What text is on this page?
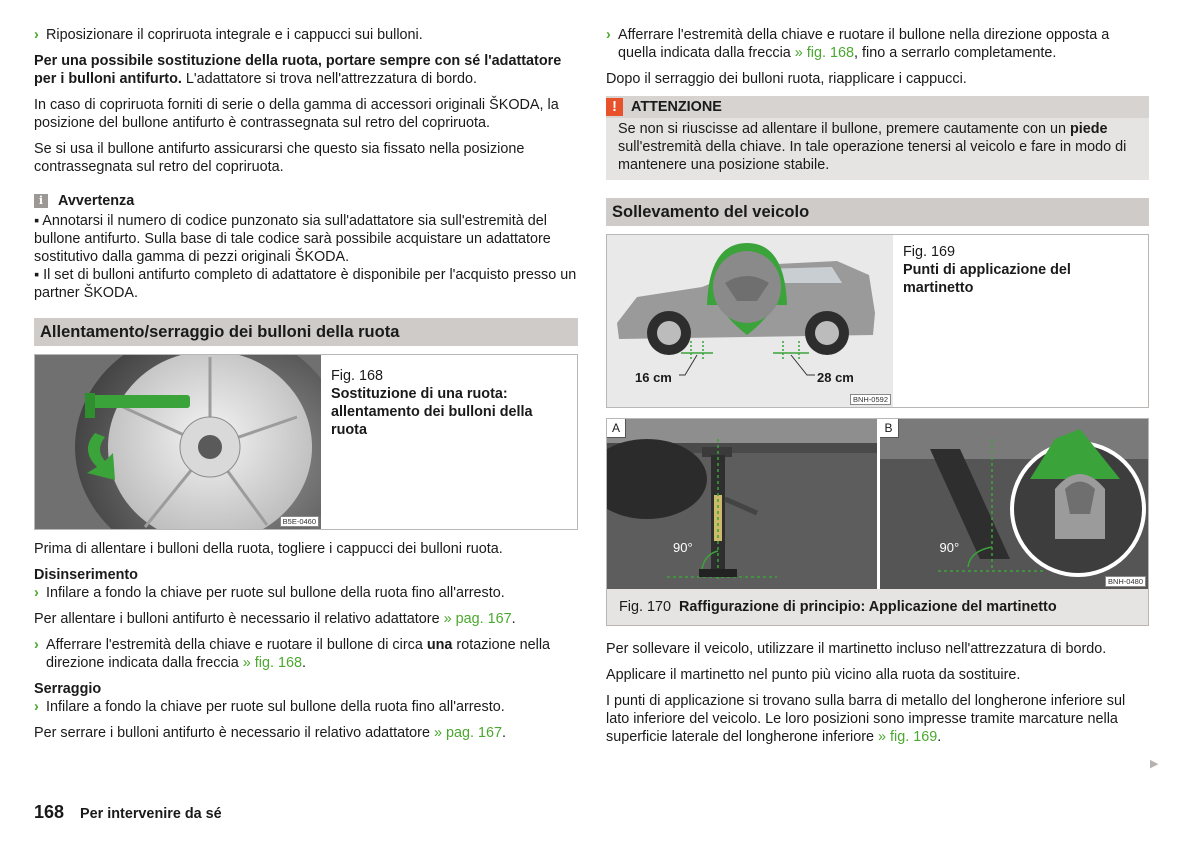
› Riposizionare il copriruota integrale e i cappucci sui bulloni.

Per una possibile sostituzione della ruota, portare sempre con sé l'adattatore per i bulloni antifurto. L'adattatore si trova nell'attrezzatura di bordo.

In caso di copriruota forniti di serie o della gamma di accessori originali ŠKODA, la posizione del bullone antifurto è contrassegnata sul retro del copriruota.

Se si usa il bullone antifurto assicurarsi che questo sia fissato nella posizione contrassegnata sul retro del copriruota.

i	Avvertenza

▪ Annotarsi il numero di codice punzonato sia sull'adattatore sia sull'estremità del bullone antifurto. Sulla base di tale codice sarà possibile acquistare un adattatore sostitutivo dalla gamma di pezzi originali ŠKODA.

▪ Il set di bulloni antifurto completo di adattatore è disponibile per l'acquisto presso un partner ŠKODA.

Allentamento/serraggio dei bulloni della ruota
B5E-0460
Fig. 168
Sostituzione di una ruota: allentamento dei bulloni della ruota

Prima di allentare i bulloni della ruota, togliere i cappucci dei bulloni ruota.

Disinserimento
› Infilare a fondo la chiave per ruote sul bullone della ruota fino all'arresto.

Per allentare i bulloni antifurto è necessario il relativo adattatore » pag. 167.

› Afferrare l'estremità della chiave e ruotare il bullone di circa una rotazione nella direzione indicata dalla freccia » fig. 168.
Serraggio
› Infilare a fondo la chiave per ruote sul bullone della ruota fino all'arresto.

Per serrare i bulloni antifurto è necessario il relativo adattatore » pag. 167.

› Afferrare l'estremità della chiave e ruotare il bullone nella direzione opposta a quella indicata dalla freccia » fig. 168, fino a serrarlo completamente.

Dopo il serraggio dei bulloni ruota, riapplicare i cappucci.

! ATTENZIONE
Se non si riuscisse ad allentare il bullone, premere cautamente con un piede sull'estremità della chiave. In tale operazione tenersi al veicolo e fare in modo di mantenere una posizione stabile.
Sollevamento del veicolo
16 cm	28 cm
BNH-0592
Fig. 169
Punti di applicazione del martinetto
A
90°
B
90°
BNH-0480
Fig. 170 Raffigurazione di principio: Applicazione del martinetto

Per sollevare il veicolo, utilizzare il martinetto incluso nell'attrezzatura di bordo.

Applicare il martinetto nel punto più vicino alla ruota da sostituire.

I punti di applicazione si trovano sulla barra di metallo del longherone inferiore sul lato inferiore del veicolo. Le loro posizioni sono impresse tramite marcature nella superficie laterale del longherone inferiore » fig. 169.

▶
168 Per intervenire da sé
